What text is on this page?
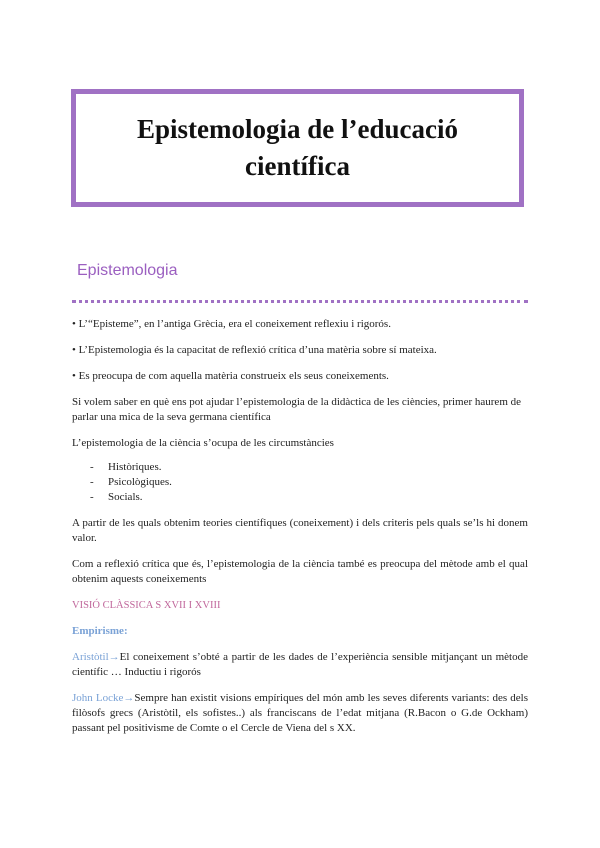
Epistemologia de l’educació
científica
Epistemologia
• L’“Episteme”, en l’antiga Grècia, era el coneixement reflexiu i rigorós.
• L’Epistemologia és la capacitat de reflexió crítica d’una matèria sobre sí mateixa.
• Es preocupa de com aquella matèria construeix els seus coneixements.
Si volem saber en què ens pot ajudar l’epistemologia de la didàctica de les ciències, primer haurem de parlar una mica de la seva germana científica
L’epistemologia de la ciència s’ocupa de les circumstàncies
- Històriques.
- Psicològiques.
- Socials.
A partir de les quals obtenim teories científiques (coneixement) i dels criteris pels quals se’ls hi donem valor.
Com a reflexió crítica que és, l’epistemologia de la ciència també es preocupa del mètode amb el qual obtenim aquests coneixements
VISIÓ CLÀSSICA S XVII I XVIII
Empirisme:
Aristòtil→El coneixement s’obté a partir de les dades de l’experiència sensible mitjançant un mètode científic … Inductiu i rigorós
John Locke→Sempre han existit visions empíriques del món amb les seves diferents variants: des dels filòsofs grecs (Aristòtil, els sofistes..) als franciscans de l’edat mitjana (R.Bacon o G.de Ockham) passant pel positivisme de Comte o el Cercle de Viena del s XX.
